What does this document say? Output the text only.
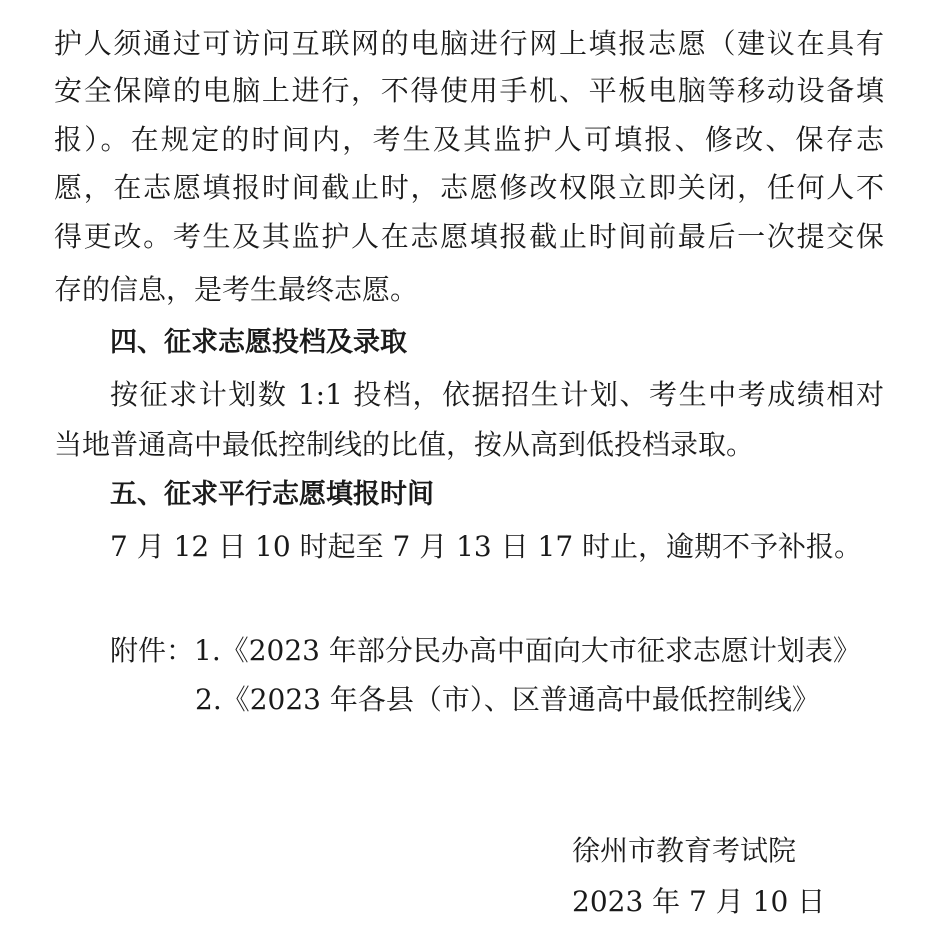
护人须通过可访问互联网的电脑进行网上填报志愿（建议在具有
安全保障的电脑上进行，不得使用手机、平板电脑等移动设备填
报）。在规定的时间内，考生及其监护人可填报、修改、保存志
愿，在志愿填报时间截止时，志愿修改权限立即关闭，任何人不
得更改。考生及其监护人在志愿填报截止时间前最后一次提交保
存的信息，是考生最终志愿。
四、征求志愿投档及录取
按征求计划数 1:1 投档，依据招生计划、考生中考成绩相对
当地普通高中最低控制线的比值，按从高到低投档录取。
五、征求平行志愿填报时间
7 月 12 日 10 时起至 7 月 13 日 17 时止，逾期不予补报。
附件：1.《2023 年部分民办高中面向大市征求志愿计划表》
2.《2023 年各县（市）、区普通高中最低控制线》
徐州市教育考试院
2023 年 7 月 10 日
